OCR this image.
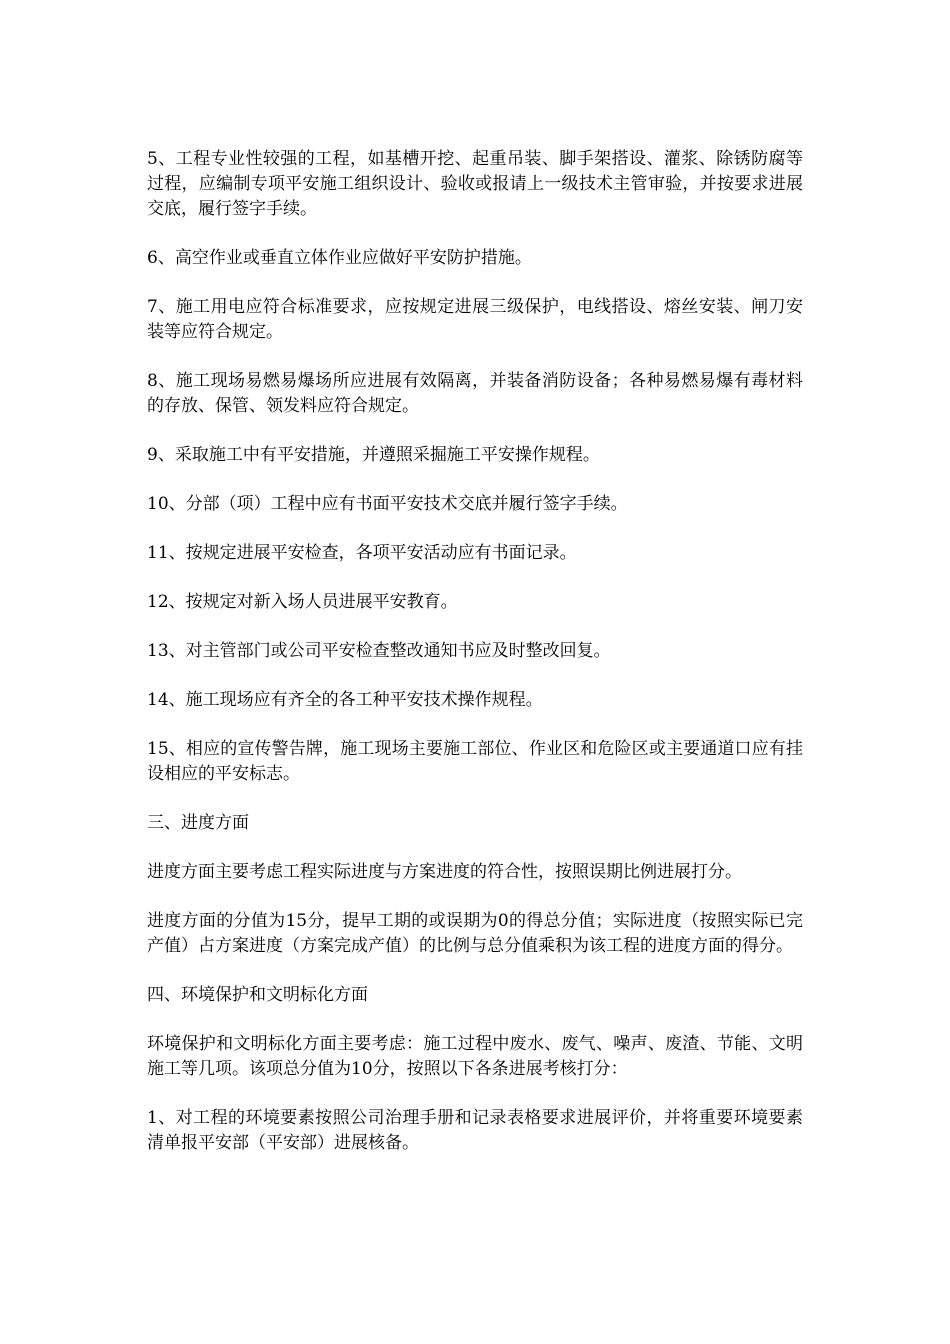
5、工程专业性较强的工程，如基槽开挖、起重吊装、脚手架搭设、灌浆、除锈防腐等过程，应编制专项平安施工组织设计、验收或报请上一级技术主管审验，并按要求进展交底，履行签字手续。

6、高空作业或垂直立体作业应做好平安防护措施。

7、施工用电应符合标准要求，应按规定进展三级保护，电线搭设、熔丝安装、闸刀安装等应符合规定。

8、施工现场易燃易爆场所应进展有效隔离，并装备消防设备；各种易燃易爆有毒材料的存放、保管、领发料应符合规定。

9、采取施工中有平安措施，并遵照采掘施工平安操作规程。

10、分部（项）工程中应有书面平安技术交底并履行签字手续。

11、按规定进展平安检查，各项平安活动应有书面记录。

12、按规定对新入场人员进展平安教育。

13、对主管部门或公司平安检查整改通知书应及时整改回复。

14、施工现场应有齐全的各工种平安技术操作规程。

15、相应的宣传警告牌，施工现场主要施工部位、作业区和危险区或主要通道口应有挂设相应的平安标志。

三、进度方面

进度方面主要考虑工程实际进度与方案进度的符合性，按照误期比例进展打分。

进度方面的分值为15分，提早工期的或误期为0的得总分值；实际进度（按照实际已完产值）占方案进度（方案完成产值）的比例与总分值乘积为该工程的进度方面的得分。

四、环境保护和文明标化方面

环境保护和文明标化方面主要考虑：施工过程中废水、废气、噪声、废渣、节能、文明施工等几项。该项总分值为10分，按照以下各条进展考核打分：

1、对工程的环境要素按照公司治理手册和记录表格要求进展评价，并将重要环境要素清单报平安部（平安部）进展核备。
